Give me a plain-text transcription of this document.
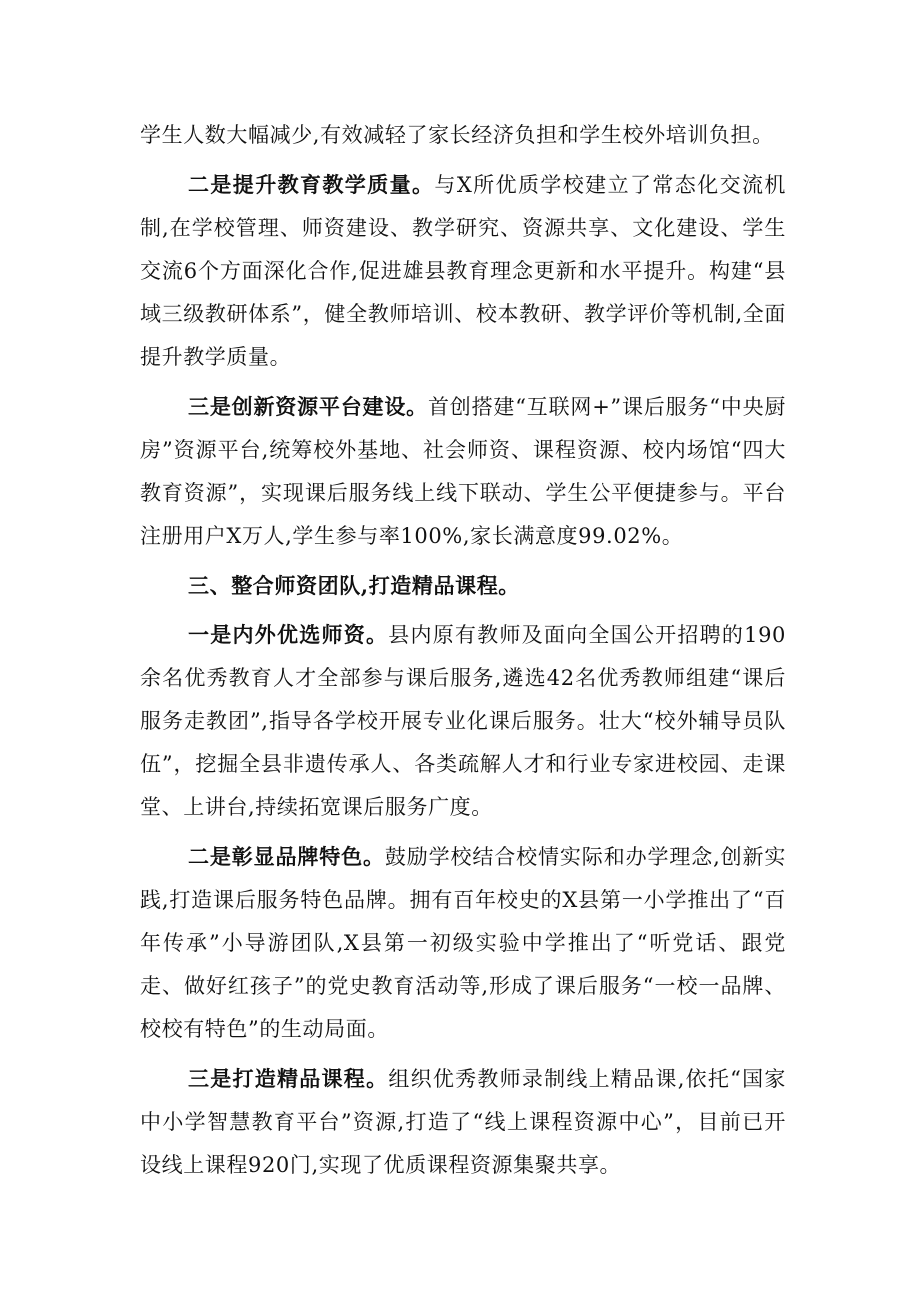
学生人数大幅减少,有效减轻了家长经济负担和学生校外培训负担。

二是提升教育教学质量。与X所优质学校建立了常态化交流机制,在学校管理、师资建设、教学研究、资源共享、文化建设、学生交流6个方面深化合作,促进雄县教育理念更新和水平提升。构建“县域三级教研体系”，健全教师培训、校本教研、教学评价等机制,全面提升教学质量。

三是创新资源平台建设。首创搭建“互联网+”课后服务“中央厨房”资源平台,统筹校外基地、社会师资、课程资源、校内场馆“四大教育资源”，实现课后服务线上线下联动、学生公平便捷参与。平台注册用户X万人,学生参与率100%,家长满意度99.02%。

三、整合师资团队,打造精品课程。

一是内外优选师资。县内原有教师及面向全国公开招聘的190余名优秀教育人才全部参与课后服务,遴选42名优秀教师组建“课后服务走教团”,指导各学校开展专业化课后服务。壮大“校外辅导员队伍”，挖掘全县非遗传承人、各类疏解人才和行业专家进校园、走课堂、上讲台,持续拓宽课后服务广度。

二是彰显品牌特色。鼓励学校结合校情实际和办学理念,创新实践,打造课后服务特色品牌。拥有百年校史的X县第一小学推出了“百年传承”小导游团队,X县第一初级实验中学推出了“听党话、跟党走、做好红孩子”的党史教育活动等,形成了课后服务“一校一品牌、校校有特色”的生动局面。

三是打造精品课程。组织优秀教师录制线上精品课,依托“国家中小学智慧教育平台”资源,打造了“线上课程资源中心”，目前已开设线上课程920门,实现了优质课程资源集聚共享。
